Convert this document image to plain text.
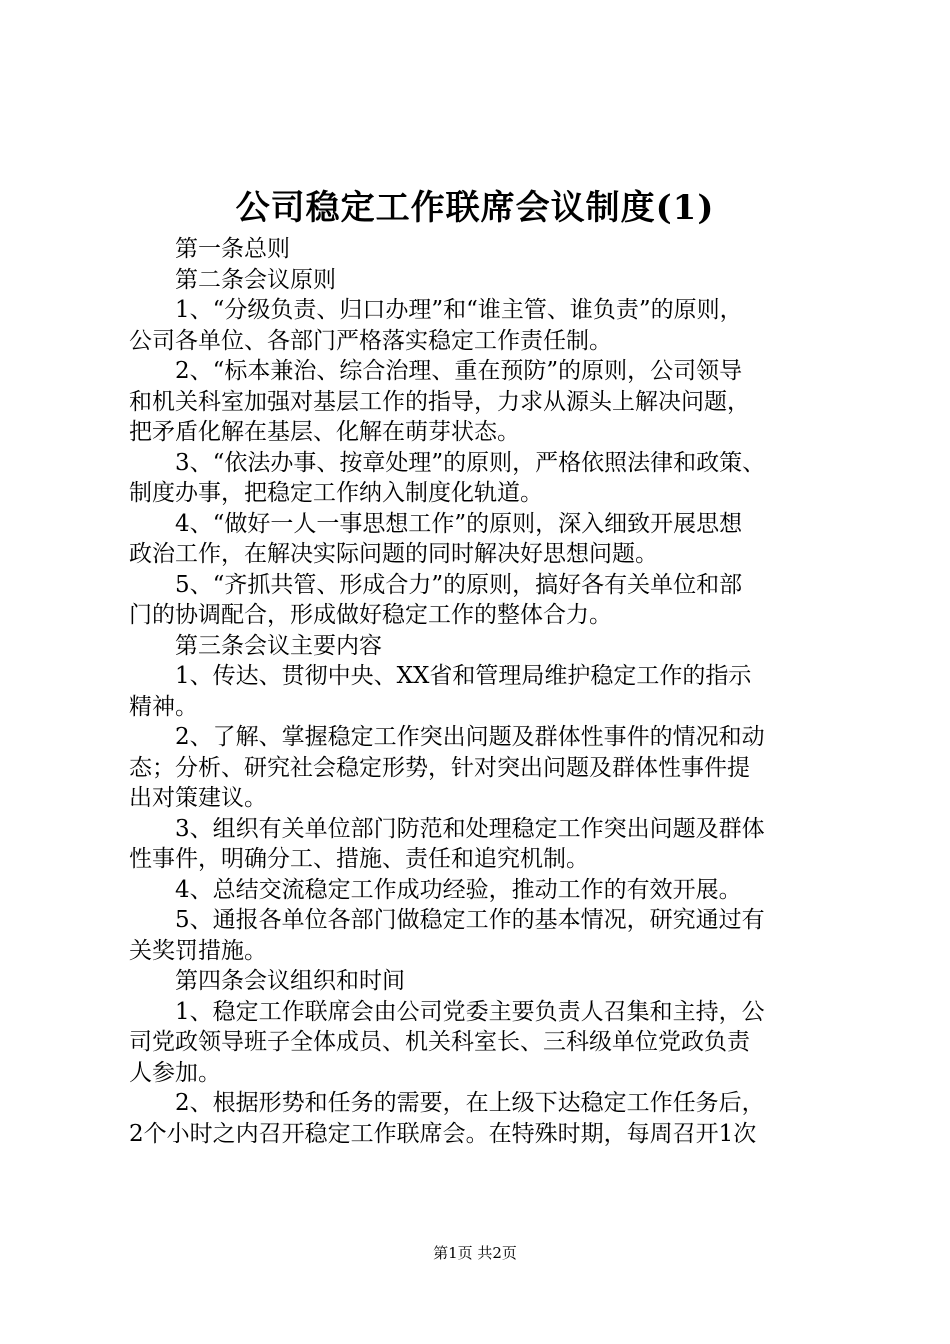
公司稳定工作联席会议制度(1)
　　第一条总则
　　第二条会议原则
　　1、“分级负责、归口办理”和“谁主管、谁负责”的原则，
公司各单位、各部门严格落实稳定工作责任制。
　　2、“标本兼治、综合治理、重在预防”的原则，公司领导
和机关科室加强对基层工作的指导，力求从源头上解决问题，
把矛盾化解在基层、化解在萌芽状态。
　　3、“依法办事、按章处理”的原则，严格依照法律和政策、
制度办事，把稳定工作纳入制度化轨道。
　　4、“做好一人一事思想工作”的原则，深入细致开展思想
政治工作，在解决实际问题的同时解决好思想问题。
　　5、“齐抓共管、形成合力”的原则，搞好各有关单位和部
门的协调配合，形成做好稳定工作的整体合力。
　　第三条会议主要内容
　　1、传达、贯彻中央、XX省和管理局维护稳定工作的指示
精神。
　　2、了解、掌握稳定工作突出问题及群体性事件的情况和动
态；分析、研究社会稳定形势，针对突出问题及群体性事件提
出对策建议。
　　3、组织有关单位部门防范和处理稳定工作突出问题及群体
性事件，明确分工、措施、责任和追究机制。
　　4、总结交流稳定工作成功经验，推动工作的有效开展。
　　5、通报各单位各部门做稳定工作的基本情况，研究通过有
关奖罚措施。
　　第四条会议组织和时间
　　1、稳定工作联席会由公司党委主要负责人召集和主持，公
司党政领导班子全体成员、机关科室长、三科级单位党政负责
人参加。
　　2、根据形势和任务的需要，在上级下达稳定工作任务后，
2个小时之内召开稳定工作联席会。在特殊时期，每周召开1次
第1页 共2页
